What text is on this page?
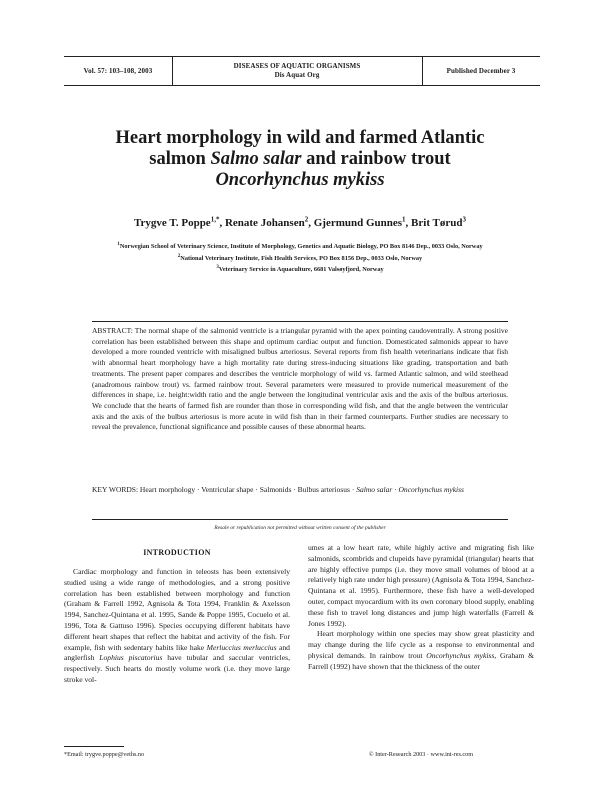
Vol. 57: 103–108, 2003
DISEASES OF AQUATIC ORGANISMS
Dis Aquat Org	Published December 3
Heart morphology in wild and farmed Atlantic
salmon Salmo salar and rainbow trout
Oncorhynchus mykiss
Trygve T. Poppe$^{1,*}$, Renate Johansen$^2$, Gjermund Gunnes$^1$, Brit Tørud$^3$
$^1$Norwegian School of Veterinary Science, Institute of Morphology, Genetics and Aquatic Biology, PO Box 8146 Dep., 0033 Oslo, Norway
$^2$National Veterinary Institute, Fish Health Services, PO Box 8156 Dep., 0033 Oslo, Norway
$^3$Veterinary Service in Aquaculture, 6681 Valsøyfjord, Norway
ABSTRACT: The normal shape of the salmonid ventricle is a triangular pyramid with the apex pointing caudoventrally. A strong positive correlation has been established between this shape and optimum cardiac output and function. Domesticated salmonids appear to have developed a more rounded ventricle with misaligned bulbus arteriosus. Several reports from fish health veterinarians indicate that fish with abnormal heart morphology have a high mortality rate during stress-inducing situations like grading, transportation and bath treatments. The present paper compares and describes the ventricle morphology of wild vs. farmed Atlantic salmon, and wild steelhead (anadromous rainbow trout) vs. farmed rainbow trout. Several parameters were measured to provide numerical measurement of the differences in shape, i.e. height:width ratio and the angle between the longitudinal ventricular axis and the axis of the bulbus arteriosus. We conclude that the hearts of farmed fish are rounder than those in corresponding wild fish, and that the angle between the ventricular axis and the axis of the bulbus arteriosus is more acute in wild fish than in their farmed counterparts. Further studies are necessary to reveal the prevalence, functional significance and possible causes of these abnormal hearts.
KEY WORDS: Heart morphology · Ventricular shape · Salmonids · Bulbus arteriosus · Salmo salar · Oncorhynchus mykiss
Resale or republication not permitted without written consent of the publisher
INTRODUCTION

Cardiac morphology and function in teleosts has been extensively studied using a wide range of methodologies, and a strong positive correlation has been established between morphology and function (Graham & Farrell 1992, Agnisola & Tota 1994, Franklin & Axelsson 1994, Sanchez-Quintana et al. 1995, Sande & Poppe 1995, Cocuelo et al. 1996, Tota & Gattuso 1996). Species occupying different habitats have different heart shapes that reflect the habitat and activity of the fish. For example, fish with sedentary habits like hake Merluccius merluccius and anglerfish Lophius piscatorius have tubular and saccular ventricles, respectively. Such hearts do mostly volume work (i.e. they move large stroke vol-

umes at a low heart rate, while highly active and migrating fish like salmonids, scombrids and clupeids have pyramidal (triangular) hearts that are highly effective pumps (i.e. they move small volumes of blood at a relatively high rate under high pressure) (Agnisola & Tota 1994, Sanchez-Quintana et al. 1995). Furthermore, these fish have a well-developed outer, compact myocardium with its own coronary blood supply, enabling these fish to travel long distances and jump high waterfalls (Farrell & Jones 1992).

Heart morphology within one species may show great plasticity and may change during the life cycle as a response to environmental and physical demands. In rainbow trout Oncorhynchus mykiss, Graham & Farrell (1992) have shown that the thickness of the outer

*Email: trygve.poppe@veths.no	© Inter-Research 2003 · www.int-res.com
